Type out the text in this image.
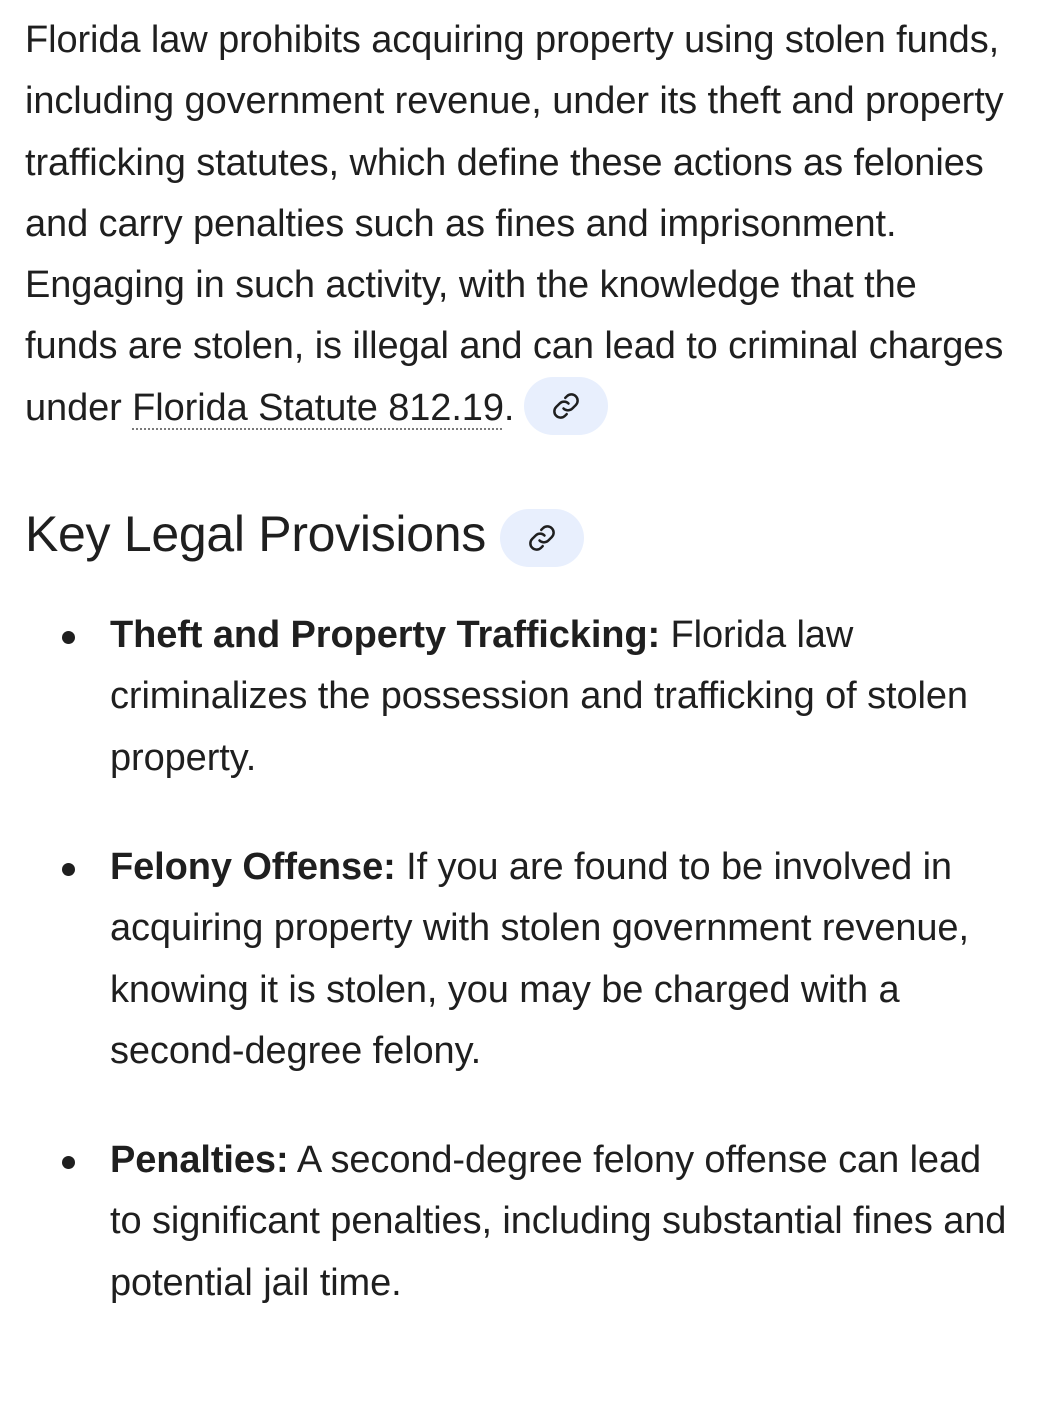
Florida law prohibits acquiring property using stolen funds, including government revenue, under its theft and property trafficking statutes, which define these actions as felonies and carry penalties such as fines and imprisonment. Engaging in such activity, with the knowledge that the funds are stolen, is illegal and can lead to criminal charges under Florida Statute 812.19.

Key Legal Provisions
Theft and Property Trafficking: Florida law criminalizes the possession and trafficking of stolen property.
Felony Offense: If you are found to be involved in acquiring property with stolen government revenue, knowing it is stolen, you may be charged with a second-degree felony.
Penalties: A second-degree felony offense can lead to significant penalties, including substantial fines and potential jail time.
